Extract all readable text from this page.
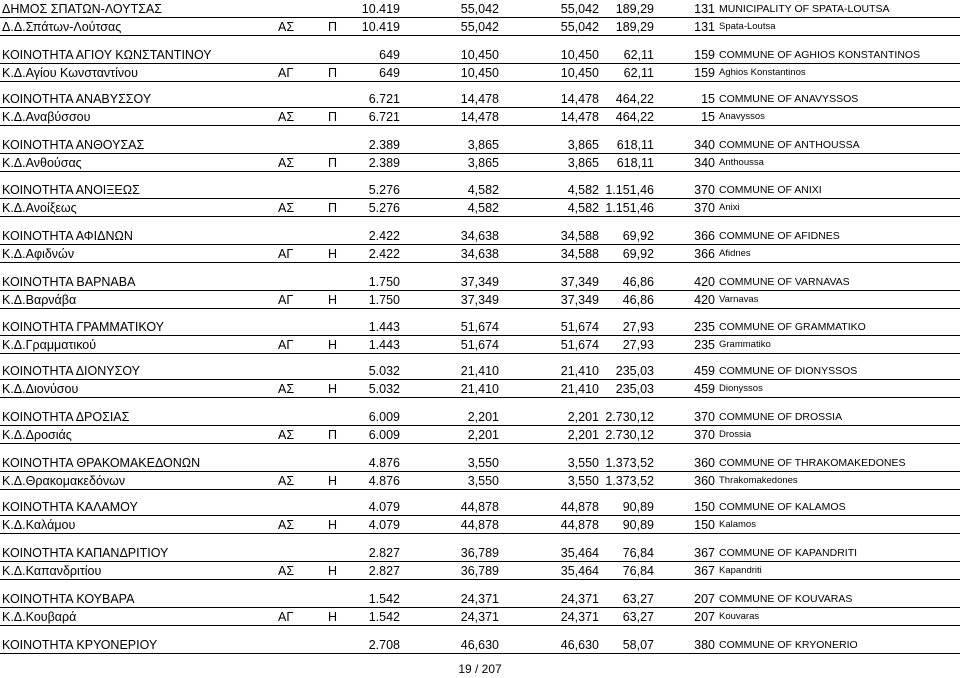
ΔΗΜΟΣ ΣΠΑΤΩΝ-ΛΟΥΤΣΑΣ	10.419	55,042	55,042 189,29	131 MUNICIPALITY OF SPATA-LOUTSA
Δ.Δ.Σπάτων-Λούτσας	ΑΣ	Π 10.419	55,042	55,042 189,29	131 Spata-Loutsa
ΚΟΙΝΟΤΗΤΑ ΑΓΙΟΥ ΚΩΝΣΤΑΝΤΙΝΟΥ	649	10,450	10,450 62,11	159 COMMUNE OF AGHIOS KONSTANTINOS
Κ.Δ.Αγίου Κωνσταντίνου	ΑΓ	Π	649	10,450	10,450 62,11	159 Aghios Konstantinos
ΚΟΙΝΟΤΗΤΑ ΑΝΑΒΥΣΣΟΥ	6.721	14,478	14,478 464,22	15 COMMUNE OF ANAVYSSOS
Κ.Δ.Αναβύσσου	ΑΣ	Π	6.721	14,478	14,478 464,22	15 Anavyssos
ΚΟΙΝΟΤΗΤΑ ΑΝΘΟΥΣΑΣ	2.389	3,865	3,865 618,11	340 COMMUNE OF ANTHOUSSA
Κ.Δ.Ανθούσας	ΑΣ	Π	2.389	3,865	3,865 618,11	340 Anthoussa
ΚΟΙΝΟΤΗΤΑ ΑΝΟΙΞΕΩΣ	5.276	4,582	4,582 1.151,46	370 COMMUNE OF ANIXI
Κ.Δ.Ανοίξεως	ΑΣ	Π	5.276	4,582	4,582 1.151,46	370 Anixi
ΚΟΙΝΟΤΗΤΑ ΑΦΙΔΝΩΝ	2.422	34,638	34,588 69,92	366 COMMUNE OF AFIDNES
Κ.Δ.Αφιδνών	ΑΓ	Η	2.422	34,638	34,588 69,92	366 Afidnes
ΚΟΙΝΟΤΗΤΑ ΒΑΡΝΑΒΑ	1.750	37,349	37,349 46,86	420 COMMUNE OF VARNAVAS
Κ.Δ.Βαρνάβα	ΑΓ	Η	1.750	37,349	37,349 46,86	420 Varnavas
ΚΟΙΝΟΤΗΤΑ ΓΡΑΜΜΑΤΙΚΟΥ	1.443	51,674	51,674 27,93	235 COMMUNE OF GRAMMATIKO
Κ.Δ.Γραμματικού	ΑΓ	Η	1.443	51,674	51,674 27,93	235 Grammatiko
ΚΟΙΝΟΤΗΤΑ ΔΙΟΝΥΣΟΥ	5.032	21,410	21,410 235,03	459 COMMUNE OF DIONYSSOS
Κ.Δ.Διονύσου	ΑΣ	Η	5.032	21,410	21,410 235,03	459 Dionyssos
ΚΟΙΝΟΤΗΤΑ ΔΡΟΣΙΑΣ	6.009	2,201	2,201 2.730,12	370 COMMUNE OF DROSSIA
Κ.Δ.Δροσιάς	ΑΣ	Π	6.009	2,201	2,201 2.730,12	370 Drossia
ΚΟΙΝΟΤΗΤΑ ΘΡΑΚΟΜΑΚΕΔΟΝΩΝ	4.876	3,550	3,550 1.373,52	360 COMMUNE OF THRAKOMAKEDONES
Κ.Δ.Θρακομακεδόνων	ΑΣ	Η	4.876	3,550	3,550 1.373,52	360 Thrakomakedones
ΚΟΙΝΟΤΗΤΑ ΚΑΛΑΜΟΥ	4.079	44,878	44,878 90,89	150 COMMUNE OF KALAMOS
Κ.Δ.Καλάμου	ΑΣ	Η	4.079	44,878	44,878 90,89	150 Kalamos
ΚΟΙΝΟΤΗΤΑ ΚΑΠΑΝΔΡΙΤΙΟΥ	2.827	36,789	35,464 76,84	367 COMMUNE OF KAPANDRITI
Κ.Δ.Καπανδριτίου	ΑΣ	Η	2.827	36,789	35,464 76,84	367 Kapandriti
ΚΟΙΝΟΤΗΤΑ ΚΟΥΒΑΡΑ	1.542	24,371	24,371 63,27	207 COMMUNE OF KOUVARAS
Κ.Δ.Κουβαρά	ΑΓ	Η	1.542	24,371	24,371 63,27	207 Kouvaras
ΚΟΙΝΟΤΗΤΑ ΚΡΥΟΝΕΡΙΟΥ	2.708	46,630	46,630 58,07	380 COMMUNE OF KRYONERIO
19 / 207
